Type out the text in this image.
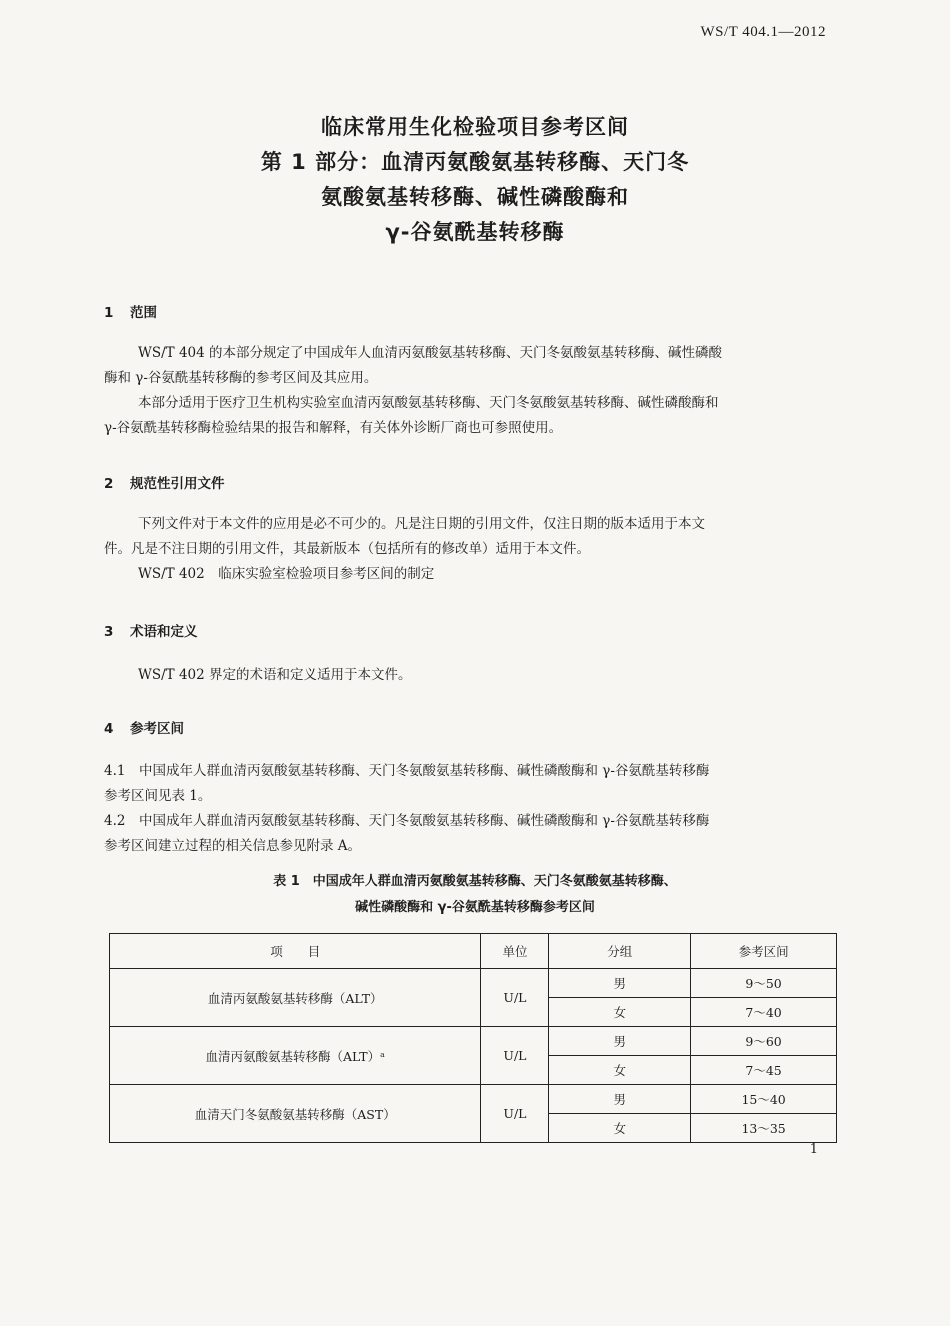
WS/T 404.1—2012
临床常用生化检验项目参考区间
第 1 部分：血清丙氨酸氨基转移酶、天门冬
氨酸氨基转移酶、碱性磷酸酶和
γ-谷氨酰基转移酶
1 范围
WS/T 404 的本部分规定了中国成年人血清丙氨酸氨基转移酶、天门冬氨酸氨基转移酶、碱性磷酸
酶和 γ-谷氨酰基转移酶的参考区间及其应用。
本部分适用于医疗卫生机构实验室血清丙氨酸氨基转移酶、天门冬氨酸氨基转移酶、碱性磷酸酶和
γ-谷氨酰基转移酶检验结果的报告和解释，有关体外诊断厂商也可参照使用。
2 规范性引用文件
下列文件对于本文件的应用是必不可少的。凡是注日期的引用文件，仅注日期的版本适用于本文
件。凡是不注日期的引用文件，其最新版本（包括所有的修改单）适用于本文件。
WS/T 402　临床实验室检验项目参考区间的制定
3 术语和定义
WS/T 402 界定的术语和定义适用于本文件。
4 参考区间
4.1　中国成年人群血清丙氨酸氨基转移酶、天门冬氨酸氨基转移酶、碱性磷酸酶和 γ-谷氨酰基转移酶
参考区间见表 1。
4.2　中国成年人群血清丙氨酸氨基转移酶、天门冬氨酸氨基转移酶、碱性磷酸酶和 γ-谷氨酰基转移酶
参考区间建立过程的相关信息参见附录 A。
表 1　中国成年人群血清丙氨酸氨基转移酶、天门冬氨酸氨基转移酶、
碱性磷酸酶和 γ-谷氨酰基转移酶参考区间
项　　目	单位	分组	参考区间
血清丙氨酸氨基转移酶（ALT）	U/L	男	9～50
		女	7～40
血清丙氨酸氨基转移酶（ALT）ᵃ	U/L	男	9～60
		女	7～45
血清天门冬氨酸氨基转移酶（AST）	U/L	男	15～40
		女	13～35
1
